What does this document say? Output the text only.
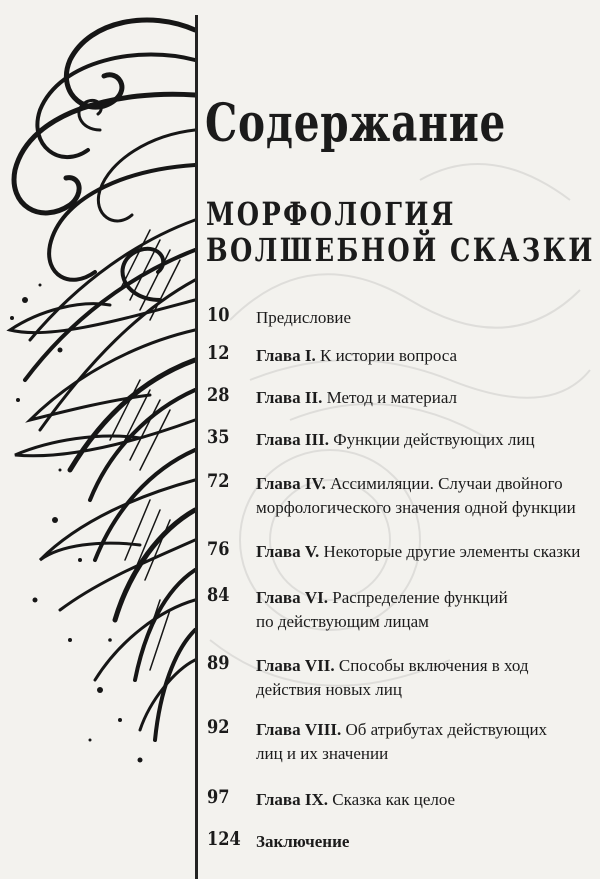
Содержание
МОРФОЛОГИЯ
ВОЛШЕБНОЙ СКАЗКИ
10	Предисловие
12	Глава I. К истории вопроса
28	Глава II. Метод и материал
35	Глава III. Функции действующих лиц
72	Глава IV. Ассимиляции. Случаи двойного
морфологического значения одной функции
76	Глава V. Некоторые другие элементы сказки
84	Глава VI. Распределение функций
по действующим лицам
89	Глава VII. Способы включения в ход
действия новых лиц
92	Глава VIII. Об атрибутах действующих
лиц и их значении
97	Глава IX. Сказка как целое
124 Заключение
